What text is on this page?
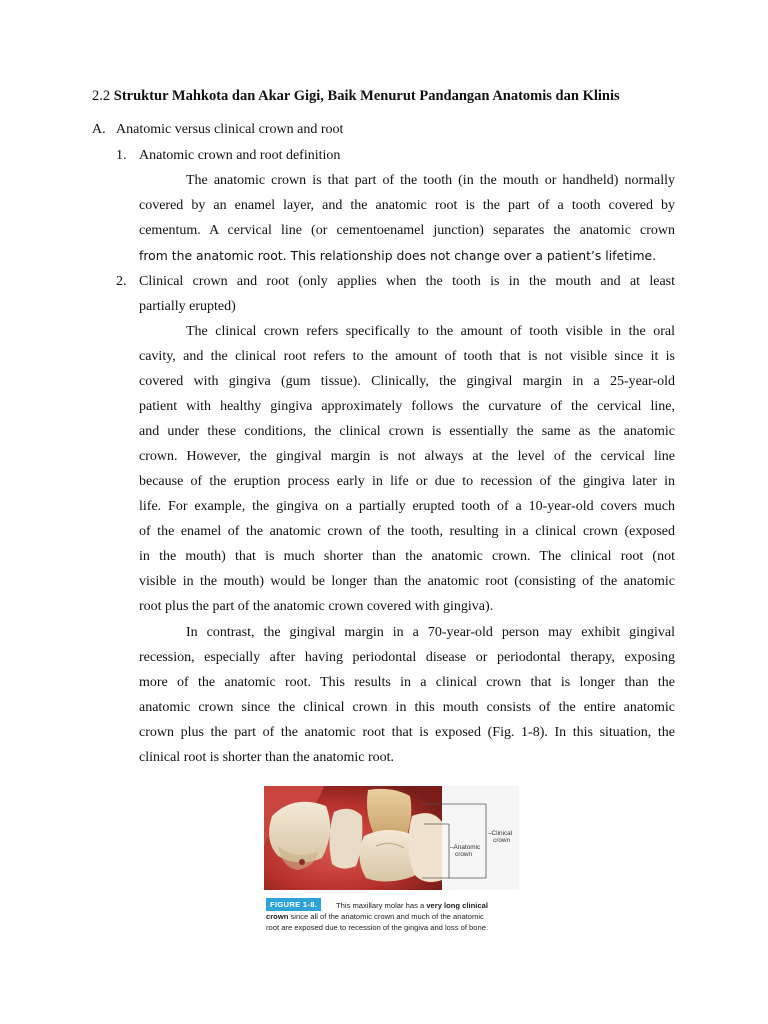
2.2 Struktur Mahkota dan Akar Gigi, Baik Menurut Pandangan Anatomis dan Klinis
A. Anatomic versus clinical crown and root
1. Anatomic crown and root definition
The anatomic crown is that part of the tooth (in the mouth or handheld) normally
covered by an enamel layer, and the anatomic root is the part of a tooth covered by
cementum. A cervical line (or cementoenamel junction) separates the anatomic crown
from the anatomic root. This relationship does not change over a patient’s lifetime.
2. Clinical crown and root (only applies when the tooth is in the mouth and at least
partially erupted)
The clinical crown refers specifically to the amount of tooth visible in the oral
cavity, and the clinical root refers to the amount of tooth that is not visible since it is
covered with gingiva (gum tissue). Clinically, the gingival margin in a 25-year-old
patient with healthy gingiva approximately follows the curvature of the cervical line,
and under these conditions, the clinical crown is essentially the same as the anatomic
crown. However, the gingival margin is not always at the level of the cervical line
because of the eruption process early in life or due to recession of the gingiva later in
life. For example, the gingiva on a partially erupted tooth of a 10-year-old covers much
of the enamel of the anatomic crown of the tooth, resulting in a clinical crown (exposed
in the mouth) that is much shorter than the anatomic crown. The clinical root (not
visible in the mouth) would be longer than the anatomic root (consisting of the anatomic
root plus the part of the anatomic crown covered with gingiva).
In contrast, the gingival margin in a 70-year-old person may exhibit gingival
recession, especially after having periodontal disease or periodontal therapy, exposing
more of the anatomic root. This results in a clinical crown that is longer than the
anatomic crown since the clinical crown in this mouth consists of the entire anatomic
crown plus the part of the anatomic root that is exposed (Fig. 1-8). In this situation, the
clinical root is shorter than the anatomic root.
–Clinical
crown
–Anatomic
crown
FIGURE 1-8.	This maxillary molar has a very long clinical
crown since all of the anatomic crown and much of the anatomic
root are exposed due to recession of the gingiva and loss of bone.
